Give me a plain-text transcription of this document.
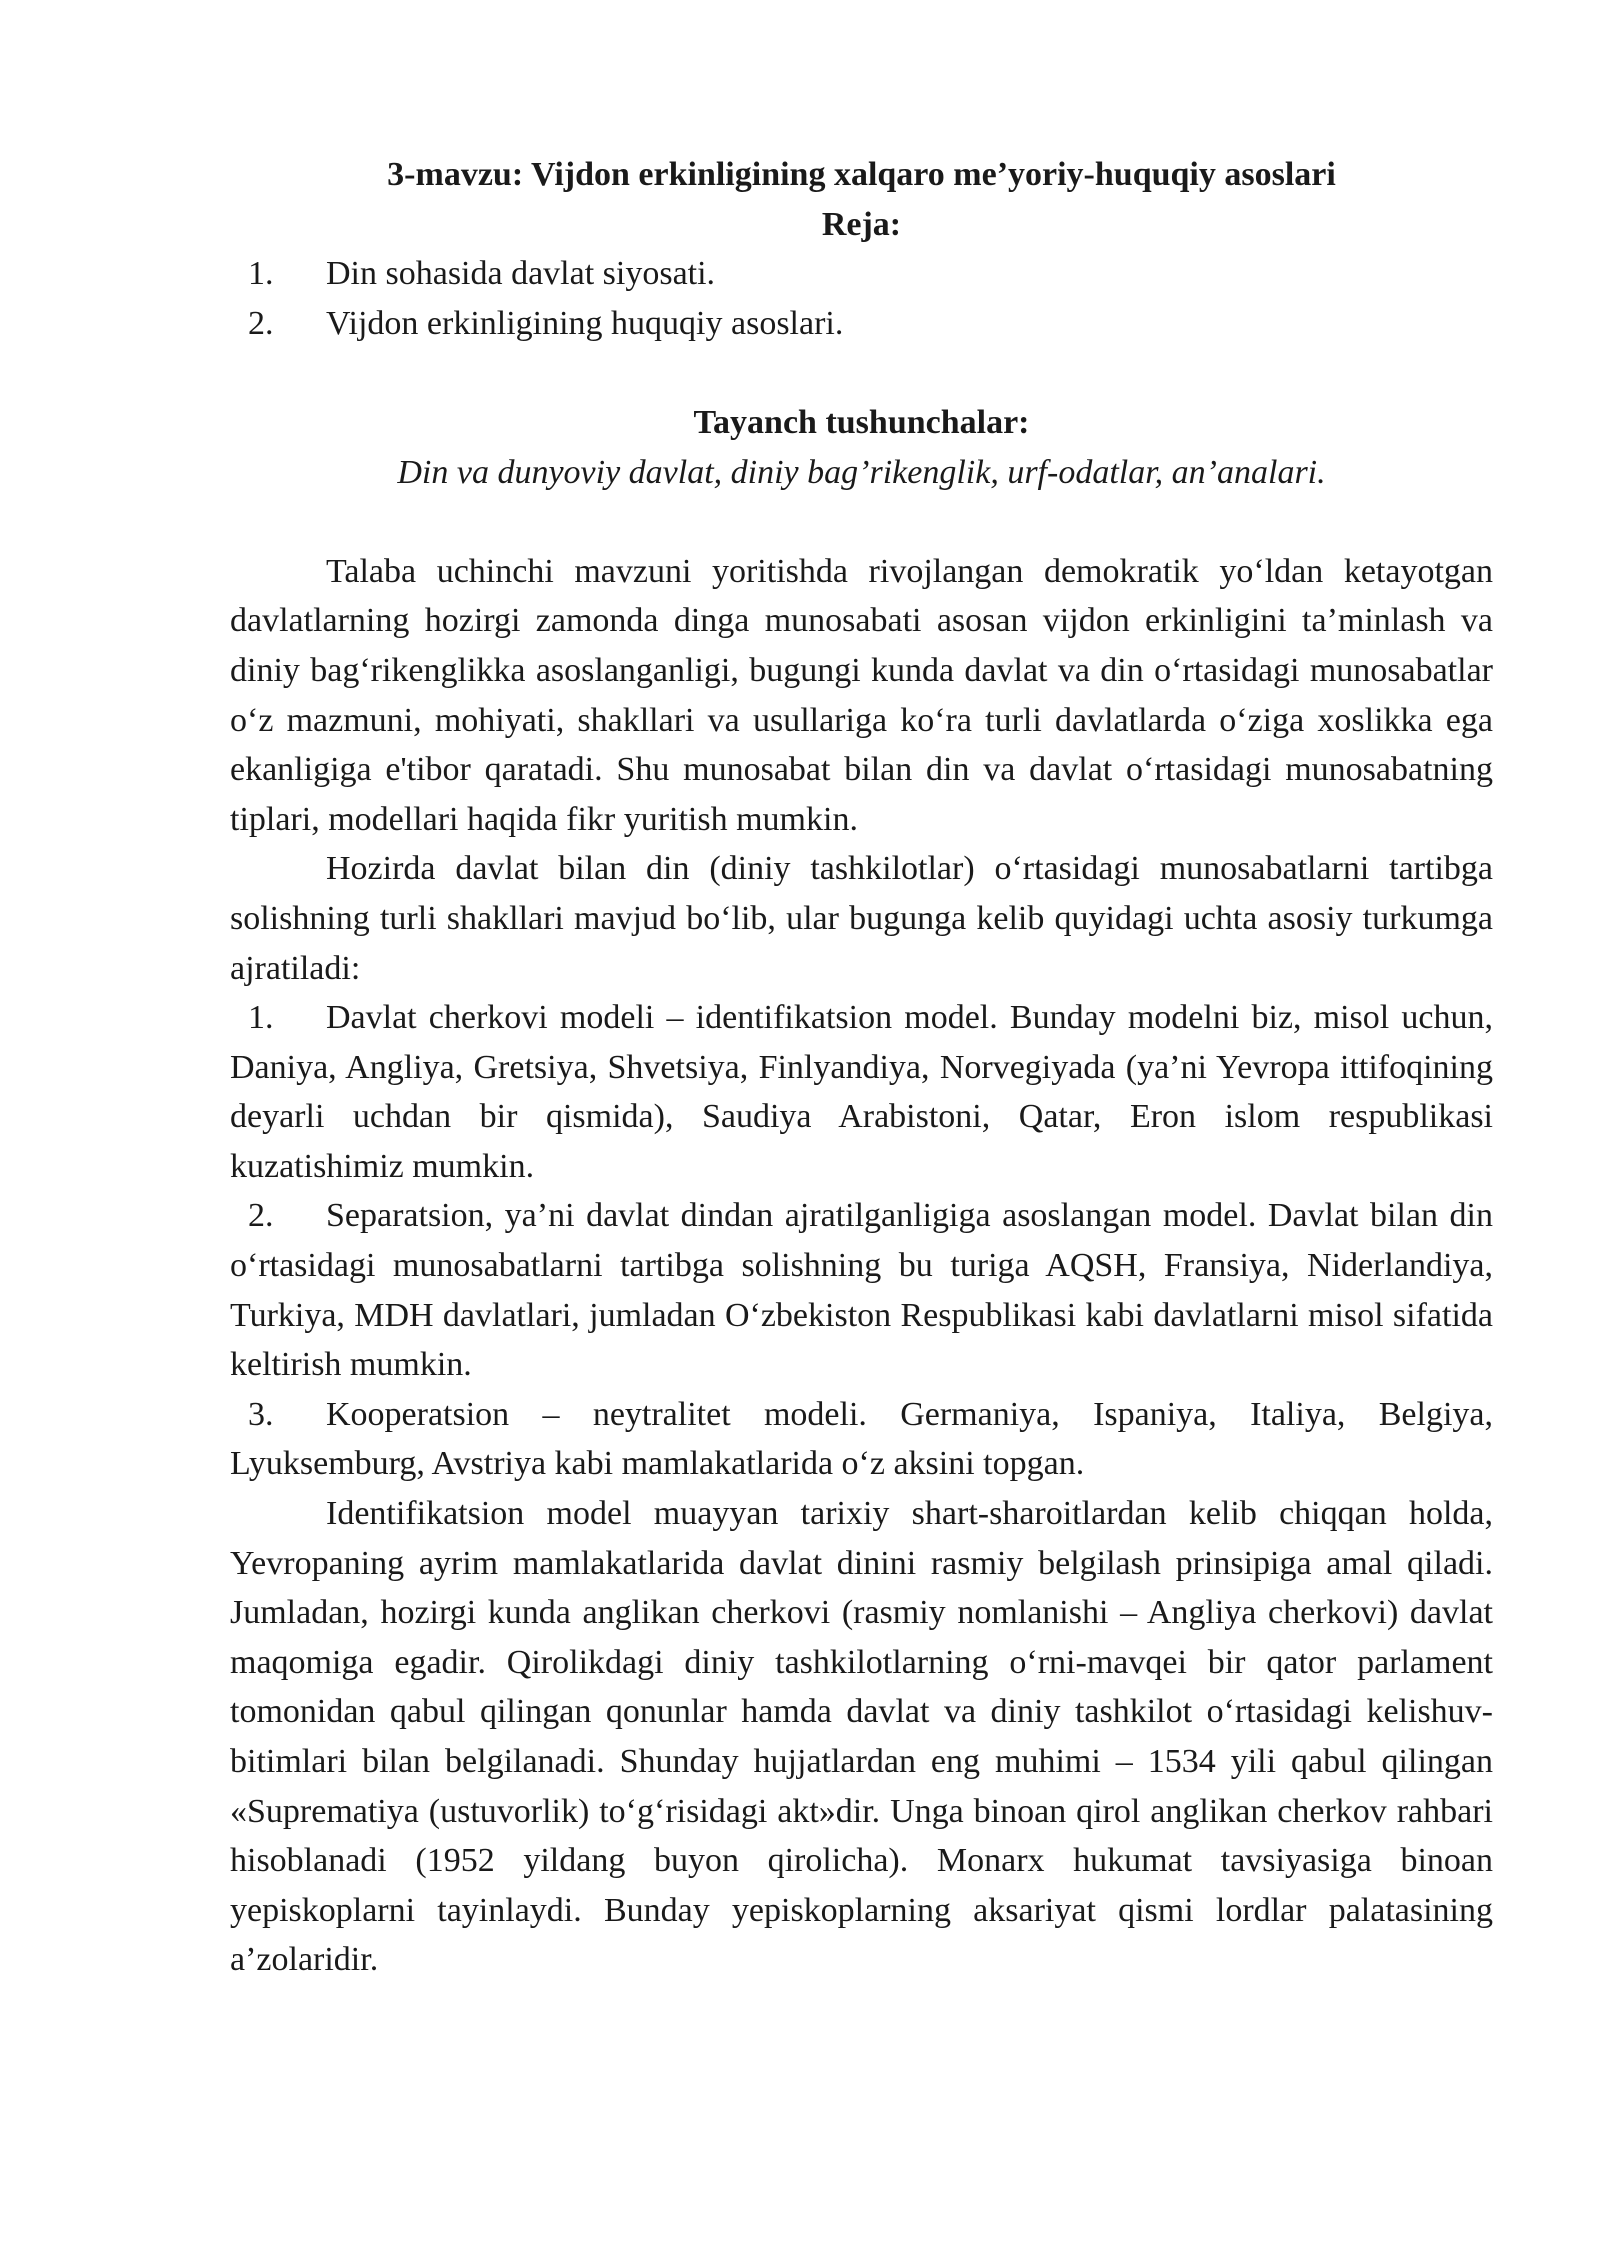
3-mavzu: Vijdon erkinligining xalqaro me’yoriy-huquqiy asoslari

Reja:

1. Din sohasida davlat siyosati.
2. Vijdon erkinligining huquqiy asoslari.

Tayanch tushunchalar:

Din va dunyoviy davlat, diniy bag’rikenglik, urf-odatlar, an’analari.

Talaba uchinchi mavzuni yoritishda rivojlangan demokratik yo‘ldan ketayotgan davlatlarning hozirgi zamonda dinga munosabati asosan vijdon erkinligini ta’minlash va diniy bag‘rikenglikka asoslanganligi, bugungi kunda davlat va din o‘rtasidagi munosabatlar o‘z mazmuni, mohiyati, shakllari va usullariga ko‘ra turli davlatlarda o‘ziga xoslikka ega ekanligiga e'tibor qaratadi. Shu munosabat bilan din va davlat o‘rtasidagi munosabatning tiplari, modellari haqida fikr yuritish mumkin.

Hozirda davlat bilan din (diniy tashkilotlar) o‘rtasidagi munosabatlarni tartibga solishning turli shakllari mavjud bo‘lib, ular bugunga kelib quyidagi uchta asosiy turkumga ajratiladi:

1.	Davlat cherkovi modeli – identifikatsion model. Bunday modelni biz, misol uchun, Daniya, Angliya, Gretsiya, Shvetsiya, Finlyandiya, Norvegiyada (ya’ni Yevropa ittifoqining deyarli uchdan bir qismida), Saudiya Arabistoni, Qatar, Eron islom respublikasi kuzatishimiz mumkin.

2.	Separatsion, ya’ni davlat dindan ajratilganligiga asoslangan model. Davlat bilan din o‘rtasidagi munosabatlarni tartibga solishning bu turiga AQSH, Fransiya, Niderlandiya, Turkiya, MDH davlatlari, jumladan O‘zbekiston Respublikasi kabi davlatlarni misol sifatida keltirish mumkin.

3.	Kooperatsion – neytralitet modeli. Germaniya, Ispaniya, Italiya, Belgiya, Lyuksemburg, Avstriya kabi mamlakatlarida o‘z aksini topgan.

Identifikatsion model muayyan tarixiy shart-sharoitlardan kelib chiqqan holda, Yevropaning ayrim mamlakatlarida davlat dinini rasmiy belgilash prinsipiga amal qiladi. Jumladan, hozirgi kunda anglikan cherkovi (rasmiy nomlanishi – Angliya cherkovi) davlat maqomiga egadir. Qirolikdagi diniy tashkilotlarning o‘rni-mavqei bir qator parlament tomonidan qabul qilingan qonunlar hamda davlat va diniy tashkilot o‘rtasidagi kelishuv-bitimlari bilan belgilanadi. Shunday hujjatlardan eng muhimi – 1534 yili qabul qilingan «Suprematiya (ustuvorlik) to‘g‘risidagi akt»dir. Unga binoan qirol anglikan cherkov rahbari hisoblanadi (1952 yildang buyon qirolicha). Monarx hukumat tavsiyasiga binoan yepiskoplarni tayinlaydi. Bunday yepiskoplarning aksariyat qismi lordlar palatasining a’zolaridir.
